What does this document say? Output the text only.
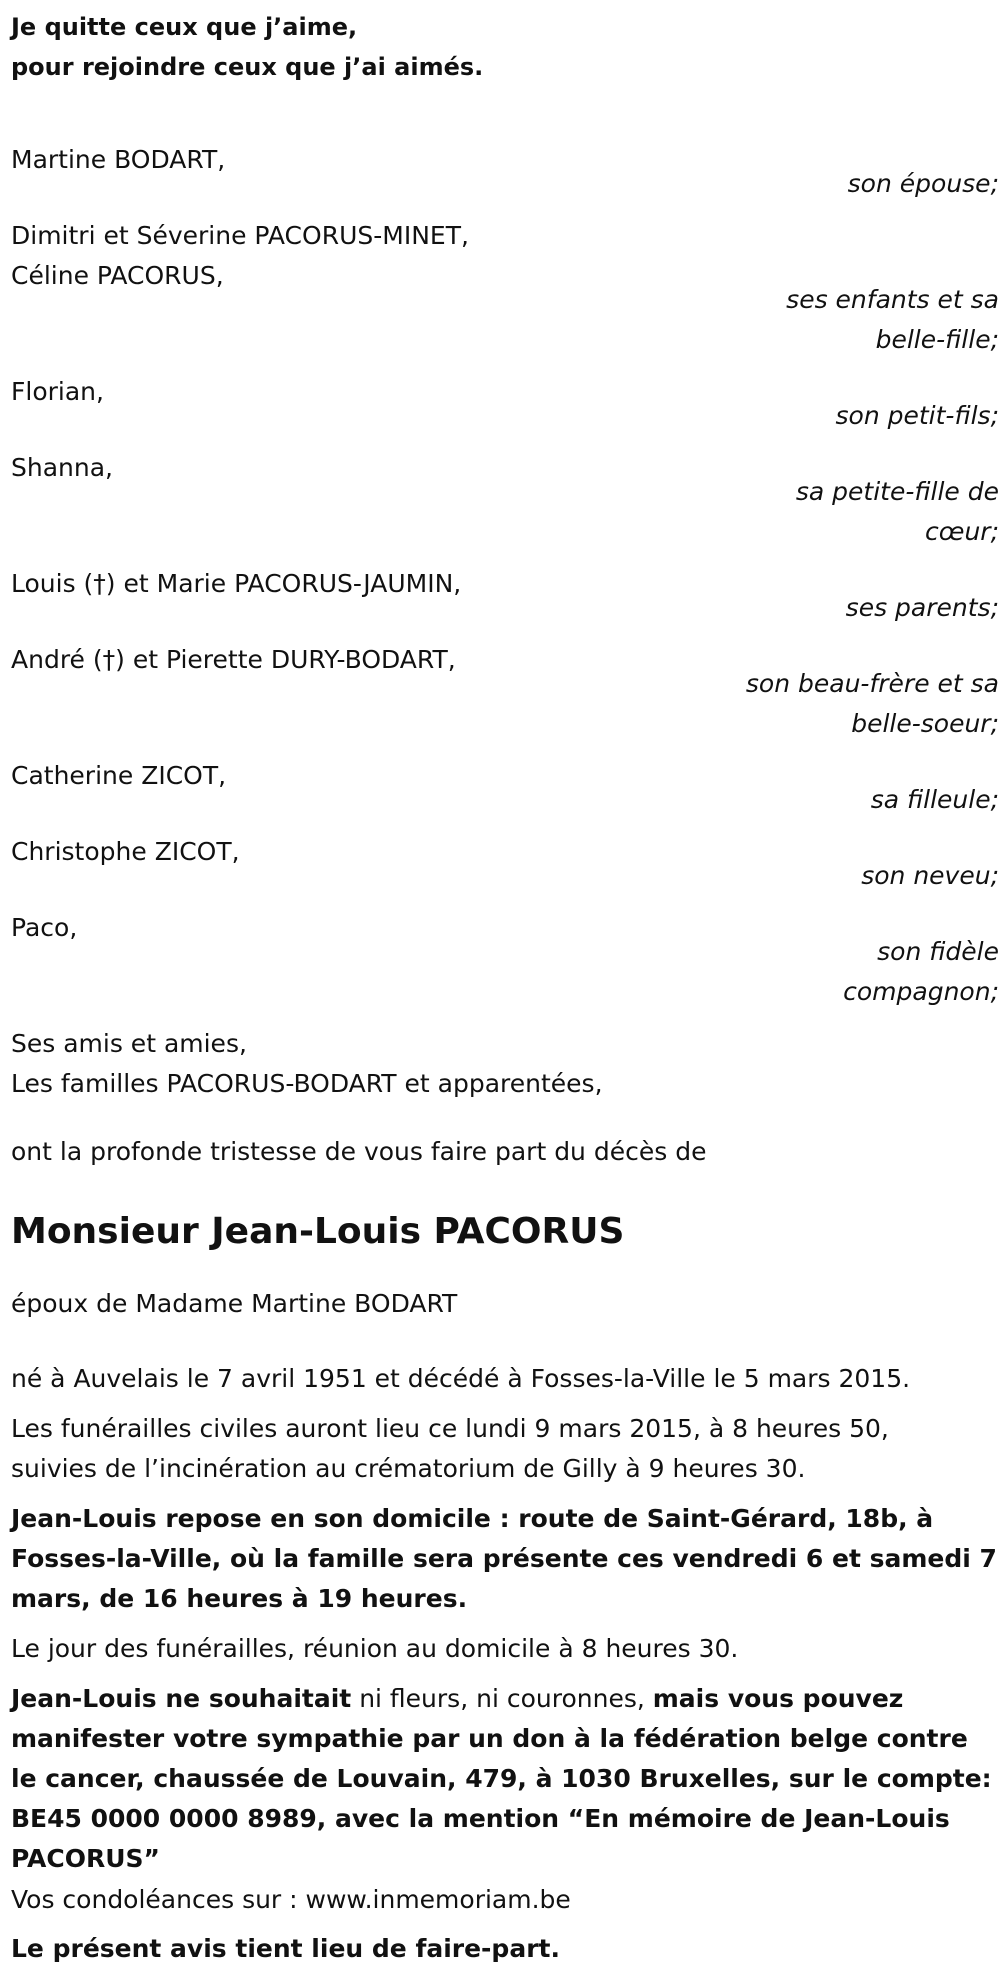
Je quitte ceux que j’aime,

pour rejoindre ceux que j’ai aimés.

Martine BODART,
son épouse;
Dimitri et Séverine PACORUS-MINET,
Céline PACORUS,
ses enfants et sa
belle-fille;
Florian,
son petit-fils;
Shanna,
sa petite-fille de
cœur;
Louis (†) et Marie PACORUS-JAUMIN,
ses parents;
André (†) et Pierette DURY-BODART,
son beau-frère et sa
belle-soeur;
Catherine ZICOT,
sa filleule;
Christophe ZICOT,
son neveu;
Paco,
son fidèle
compagnon;

Ses amis et amies,

Les familles PACORUS-BODART et apparentées,

ont la profonde tristesse de vous faire part du décès de

Monsieur Jean-Louis PACORUS

époux de Madame Martine BODART

né à Auvelais le 7 avril 1951 et décédé à Fosses-la-Ville le 5 mars 2015.

Les funérailles civiles auront lieu ce lundi 9 mars 2015, à 8 heures 50,

suivies de l’incinération au crématorium de Gilly à 9 heures 30.

Jean-Louis repose en son domicile : route de Saint-Gérard, 18b, à

Fosses-la-Ville, où la famille sera présente ces vendredi 6 et samedi 7

mars, de 16 heures à 19 heures.

Le jour des funérailles, réunion au domicile à 8 heures 30.

Jean-Louis ne souhaitait ni fleurs, ni couronnes, mais vous pouvez

manifester votre sympathie par un don à la fédération belge contre

le cancer, chaussée de Louvain, 479, à 1030 Bruxelles, sur le compte:

BE45 0000 0000 8989, avec la mention “En mémoire de Jean-Louis

PACORUS”

Vos condoléances sur : www.inmemoriam.be

Le présent avis tient lieu de faire-part.
